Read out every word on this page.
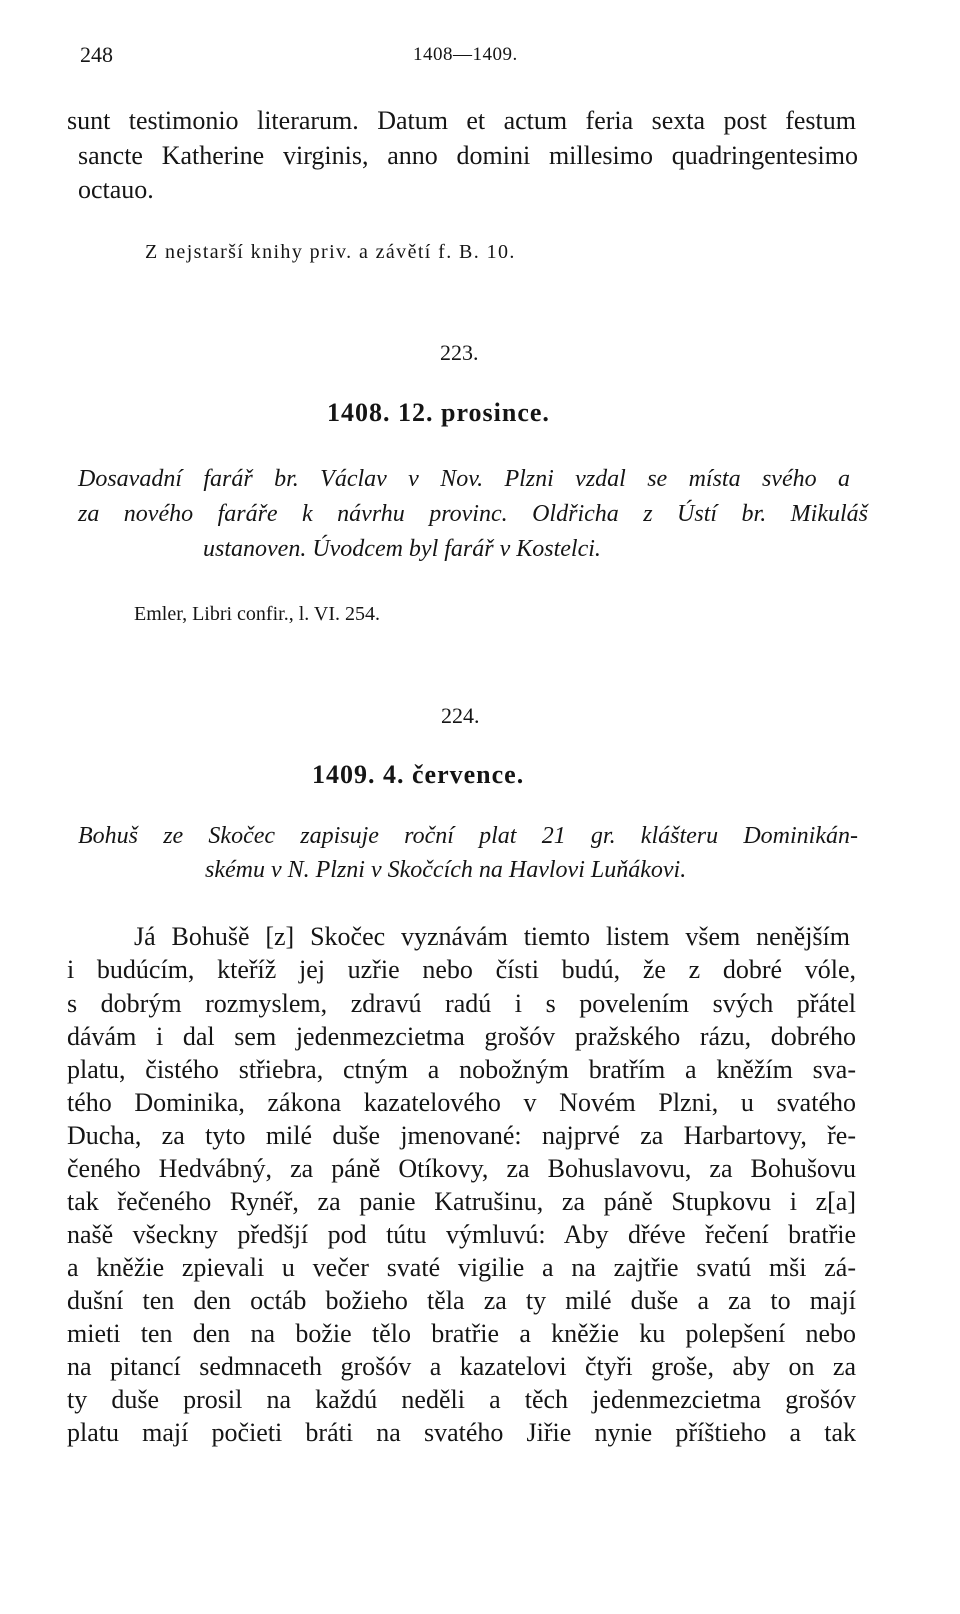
248	1408—1409.
sunt testimonio literarum. Datum et actum feria sexta post festum
sancte Katherine virginis, anno domini millesimo quadringentesimo
octauo.
Z nejstarší knihy priv. a závětí f. B. 10.
223.
1408. 12. prosince.
Dosavadní farář br. Václav v Nov. Plzni vzdal se místa svého a
za nového faráře k návrhu provinc. Oldřicha z Ústí br. Mikuláš
ustanoven. Úvodcem byl farář v Kostelci.
Emler, Libri confir., l. VI. 254.
224.
1409. 4. července.
Bohuš ze Skočec zapisuje roční plat 21 gr. klášteru Dominikán-
skému v N. Plzni v Skočcích na Havlovi Luňákovi.
Já Bohušě [z] Skočec vyznávám tiemto listem všem nenějším
i budúcím, kteříž jej uzřie nebo čísti budú, že z dobré vóle,
s dobrým rozmyslem, zdravú radú i s povelením svých přátel
dávám i dal sem jedenmezcietma grošóv pražského rázu, dobrého
platu, čistého střiebra, ctným a nobožným bratřím a kněžím sva-
tého Dominika, zákona kazatelového v Novém Plzni, u svatého
Ducha, za tyto milé duše jmenované: najprvé za Harbartovy, ře-
čeného Hedvábný, za páně Otíkovy, za Bohuslavovu, za Bohušovu
tak řečeného Rynéř, za panie Katrušinu, za páně Stupkovu i z[a]
našě všeckny předšjí pod tútu výmluvú: Aby dřéve řečení bratřie
a kněžie zpievali u večer svaté vigilie a na zajtřie svatú mši zá-
dušní ten den octáb božieho těla za ty milé duše a za to mají
mieti ten den na božie tělo bratřie a kněžie ku polepšení nebo
na pitancí sedmnaceth grošóv a kazatelovi čtyři groše, aby on za
ty duše prosil na každú neděli a těch jedenmezcietma grošóv
platu mají počieti bráti na svatého Jiřie nynie příštieho a tak
